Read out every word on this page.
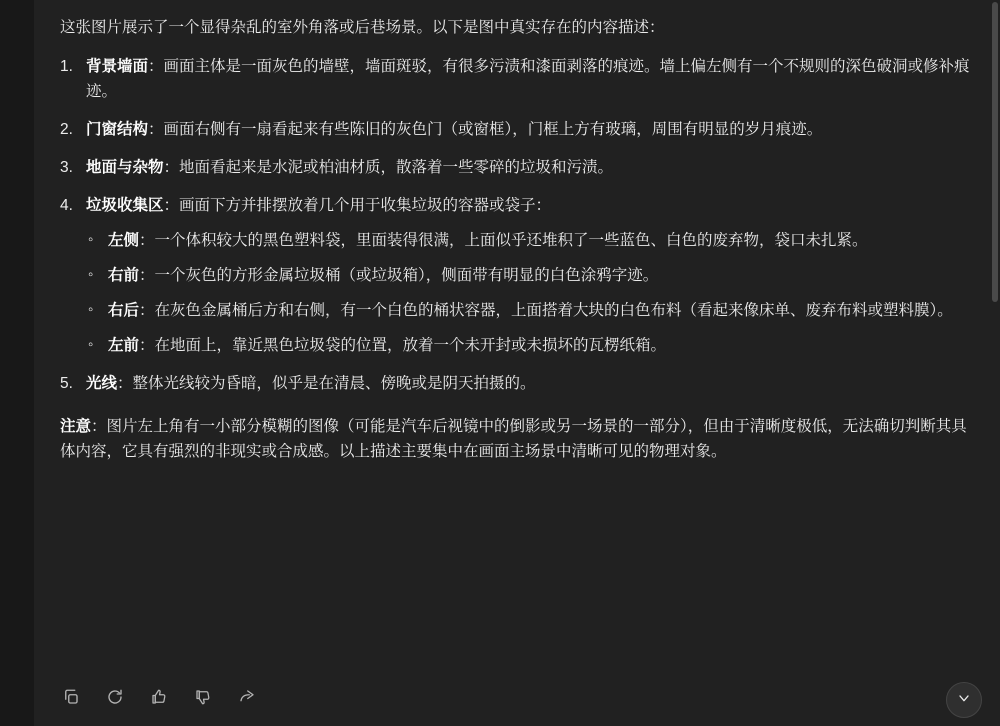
这张图片展示了一个显得杂乱的室外角落或后巷场景。以下是图中真实存在的内容描述：

背景墙面：画面主体是一面灰色的墙壁，墙面斑驳，有很多污渍和漆面剥落的痕迹。墙上偏左侧有一个不规则的深色破洞或修补痕迹。
门窗结构：画面右侧有一扇看起来有些陈旧的灰色门（或窗框），门框上方有玻璃，周围有明显的岁月痕迹。
地面与杂物：地面看起来是水泥或柏油材质，散落着一些零碎的垃圾和污渍。
垃圾收集区：画面下方并排摆放着几个用于收集垃圾的容器或袋子：
◦ 左侧：一个体积较大的黑色塑料袋，里面装得很满，上面似乎还堆积了一些蓝色、白色的废弃物，袋口未扎紧。
◦ 右前：一个灰色的方形金属垃圾桶（或垃圾箱），侧面带有明显的白色涂鸦字迹。
◦ 右后：在灰色金属桶后方和右侧，有一个白色的桶状容器，上面搭着大块的白色布料（看起来像床单、废弃布料或塑料膜）。
◦ 左前：在地面上，靠近黑色垃圾袋的位置，放着一个未开封或未损坏的瓦楞纸箱。
光线：整体光线较为昏暗，似乎是在清晨、傍晚或是阴天拍摄的。

注意：图片左上角有一小部分模糊的图像（可能是汽车后视镜中的倒影或另一场景的一部分），但由于清晰度极低，无法确切判断其具体内容，它具有强烈的非现实或合成感。以上描述主要集中在画面主场景中清晰可见的物理对象。
